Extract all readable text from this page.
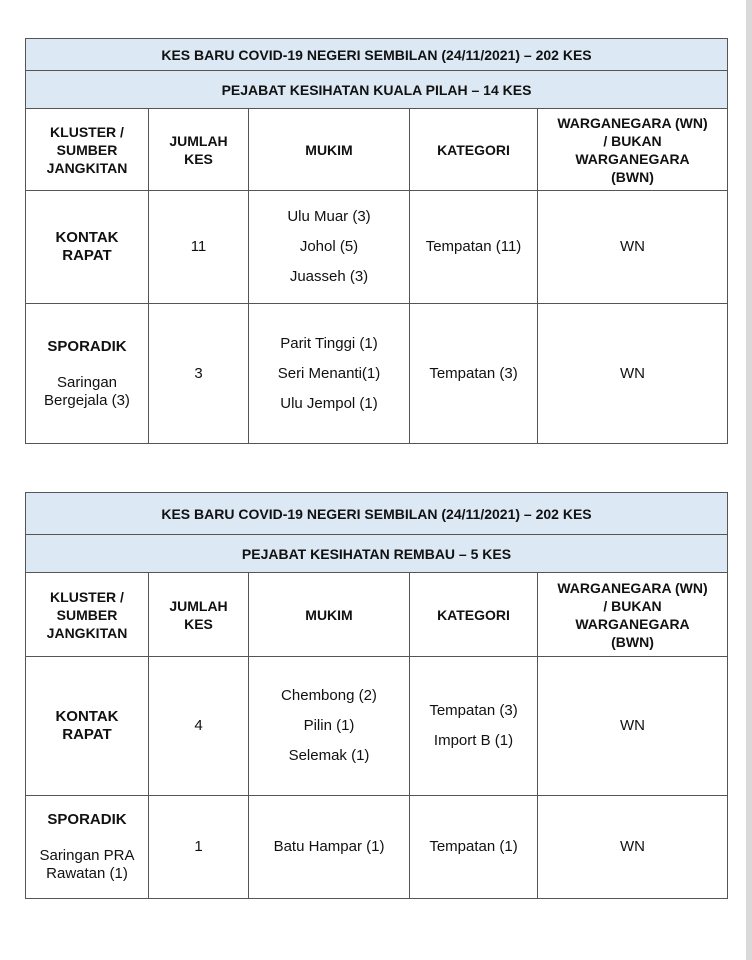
KES BARU COVID-19 NEGERI SEMBILAN (24/11/2021) – 202 KES				
PEJABAT KESIHATAN KUALA PILAH – 14 KES				

KLUSTER /
SUMBER
JANGKITAN	JUMLAH
KES	MUKIM	KATEGORI	WARGANEGARA (WN)
/ BUKAN
WARGANEGARA
(BWN)

KONTAK
RAPAT	11	Ulu Muar (3)
Johol (5)
Juasseh (3)	Tempatan (11)	WN

SPORADIK
Saringan
Bergejala (3)	3	Parit Tinggi (1)
Seri Menanti(1)
Ulu Jempol (1)	Tempatan (3)	WN
KES BARU COVID-19 NEGERI SEMBILAN (24/11/2021) – 202 KES				
PEJABAT KESIHATAN REMBAU – 5 KES				

KLUSTER /
SUMBER
JANGKITAN	JUMLAH
KES	MUKIM	KATEGORI	WARGANEGARA (WN)
/ BUKAN
WARGANEGARA
(BWN)

KONTAK
RAPAT	4	Chembong (2)
Pilin (1)
Selemak (1)	Tempatan (3)
Import B (1)	WN

SPORADIK
Saringan PRA
Rawatan (1)	1	Batu Hampar (1)	Tempatan (1)	WN
